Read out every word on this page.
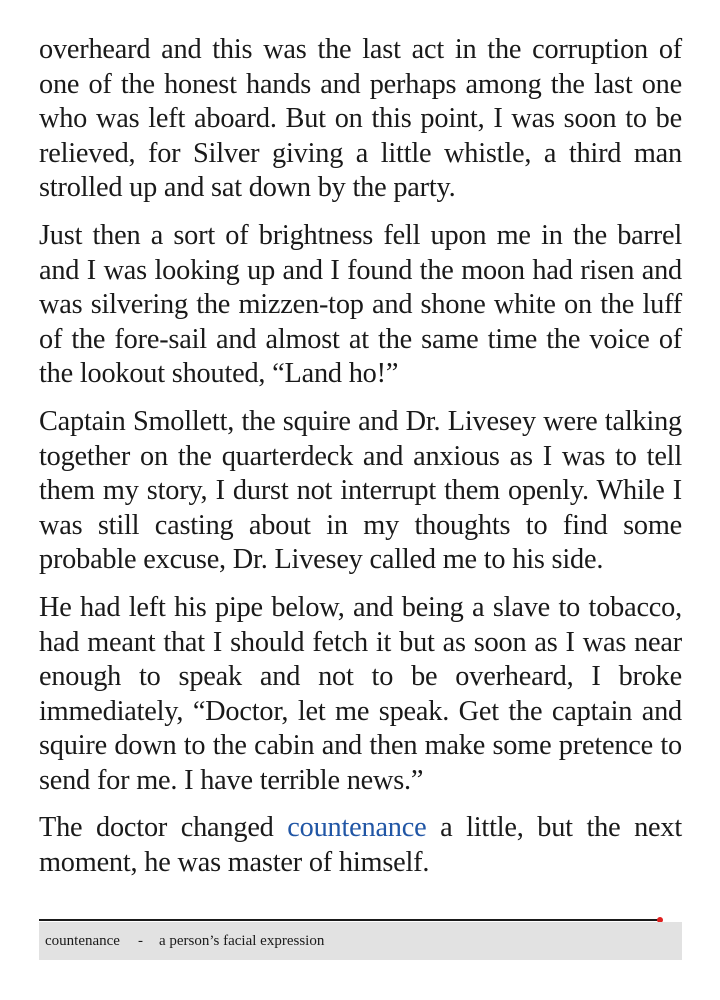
overheard and this was the last act in the corruption of one of the honest hands and perhaps among the last one who was left aboard. But on this point, I was soon to be relieved, for Silver giving a little whistle, a third man strolled up and sat down by the party.

Just then a sort of brightness fell upon me in the barrel and I was looking up and I found the moon had risen and was silvering the mizzen-top and shone white on the luff of the fore-sail and almost at the same time the voice of the lookout shouted, “Land ho!”

Captain Smollett, the squire and Dr. Livesey were talking together on the quarterdeck and anxious as I was to tell them my story, I durst not interrupt them openly. While I was still casting about in my thoughts to find some probable excuse, Dr. Livesey called me to his side.

He had left his pipe below, and being a slave to tobacco, had meant that I should fetch it but as soon as I was near enough to speak and not to be overheard, I broke immediately, “Doctor, let me speak. Get the captain and squire down to the cabin and then make some pretence to send for me. I have terrible news.”

The doctor changed countenance a little, but the next moment, he was master of himself.

countenance - a person’s facial expression
